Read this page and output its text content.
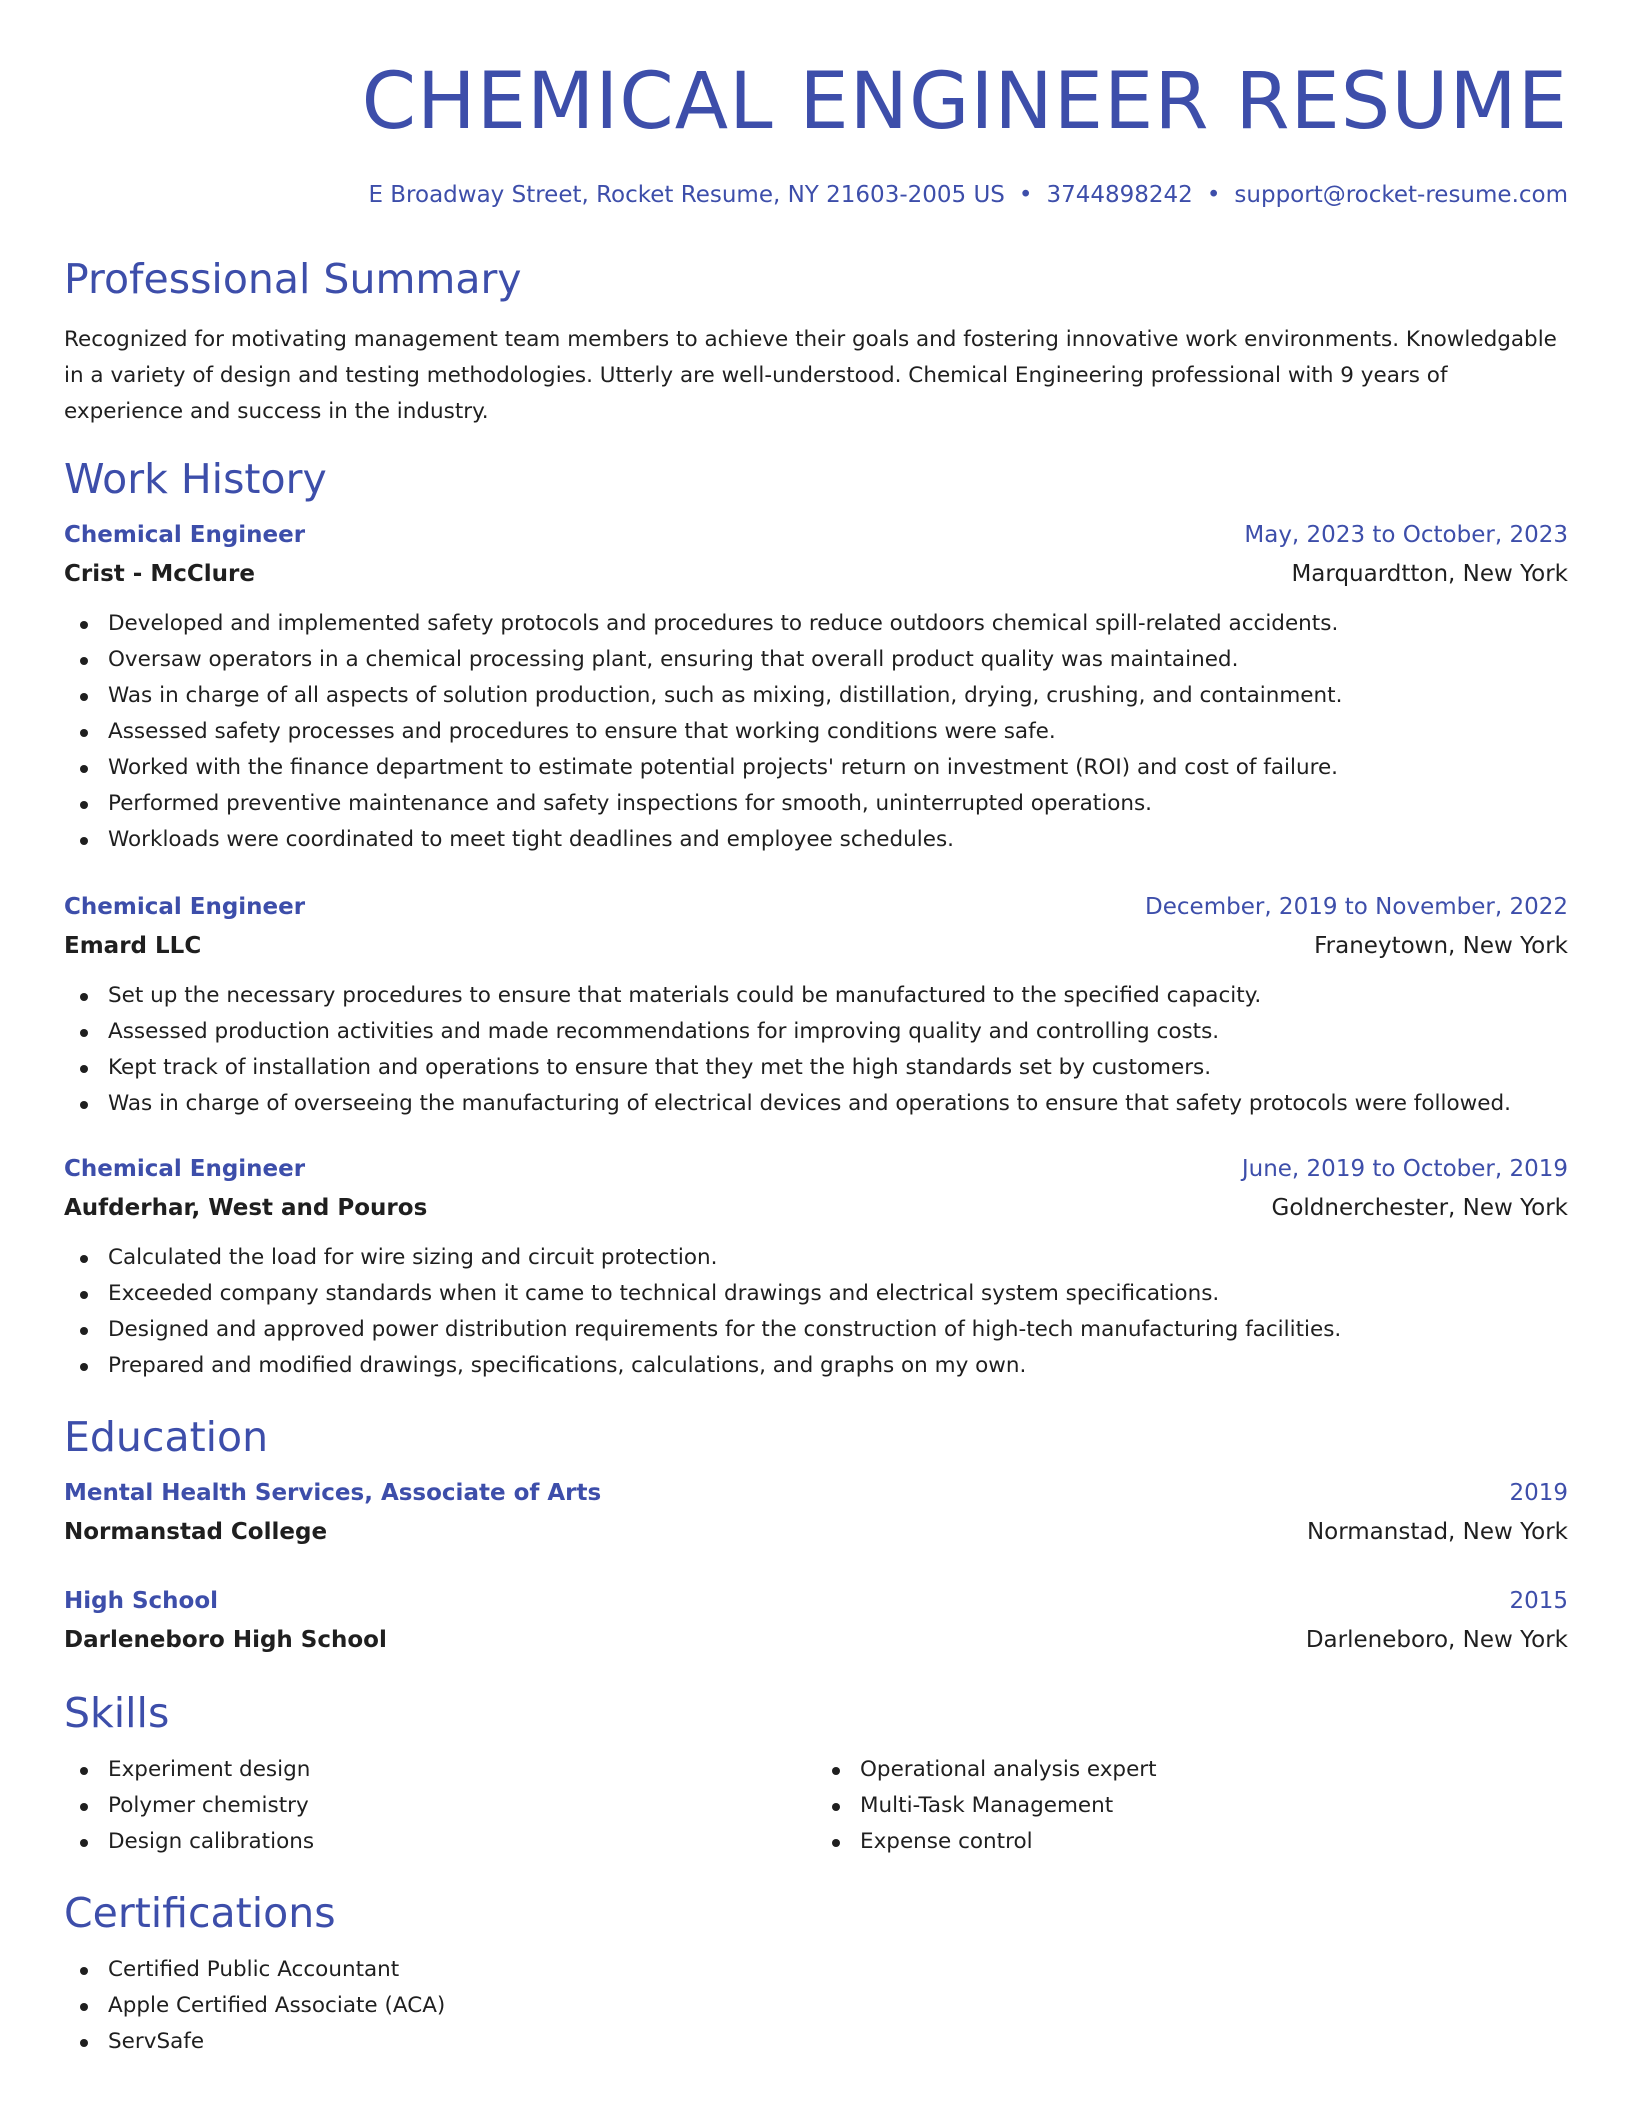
CHEMICAL ENGINEER RESUME
E Broadway Street, Rocket Resume, NY 21603-2005 US • 3744898242 • support@rocket-resume.com
Professional Summary

Recognized for motivating management team members to achieve their goals and fostering innovative work environments. Knowledgable in a variety of design and testing methodologies. Utterly are well-understood. Chemical Engineering professional with 9 years of experience and success in the industry.

Work History
Chemical Engineer	May, 2023 to October, 2023
Crist - McClure	Marquardtton, New York
Developed and implemented safety protocols and procedures to reduce outdoors chemical spill-related accidents.
Oversaw operators in a chemical processing plant, ensuring that overall product quality was maintained.
Was in charge of all aspects of solution production, such as mixing, distillation, drying, crushing, and containment.
Assessed safety processes and procedures to ensure that working conditions were safe.
Worked with the finance department to estimate potential projects' return on investment (ROI) and cost of failure.
Performed preventive maintenance and safety inspections for smooth, uninterrupted operations.
Workloads were coordinated to meet tight deadlines and employee schedules.
Chemical Engineer	December, 2019 to November, 2022
Emard LLC	Franeytown, New York
Set up the necessary procedures to ensure that materials could be manufactured to the specified capacity.
Assessed production activities and made recommendations for improving quality and controlling costs.
Kept track of installation and operations to ensure that they met the high standards set by customers.
Was in charge of overseeing the manufacturing of electrical devices and operations to ensure that safety protocols were followed.
Chemical Engineer	June, 2019 to October, 2019
Aufderhar, West and Pouros	Goldnerchester, New York
Calculated the load for wire sizing and circuit protection.
Exceeded company standards when it came to technical drawings and electrical system specifications.
Designed and approved power distribution requirements for the construction of high-tech manufacturing facilities.
Prepared and modified drawings, specifications, calculations, and graphs on my own.
Education
Mental Health Services, Associate of Arts	2019
Normanstad College	Normanstad, New York
High School	2015
Darleneboro High School	Darleneboro, New York
Skills
Experiment design
Polymer chemistry
Design calibrations
Operational analysis expert
Multi-Task Management
Expense control
Certifications
Certified Public Accountant
Apple Certified Associate (ACA)
ServSafe
